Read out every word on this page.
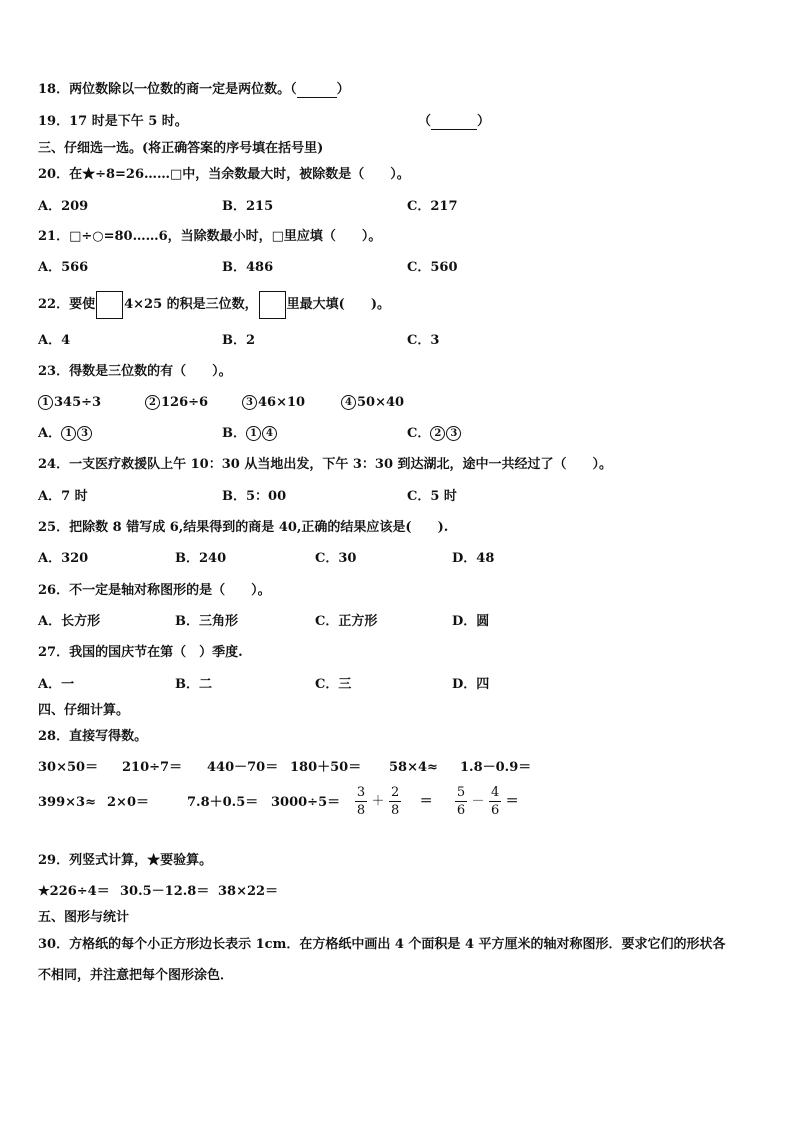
18．两位数除以一位数的商一定是两位数。（	）
19．17 时是下午 5 时。	（	）
三、仔细选一选。(将正确答案的序号填在括号里)
20．在★÷8=26……□中，当余数最大时，被除数是（　　）。
A．209	B．215	C．217
21．□÷○=80……6，当除数最小时，□里应填（　　）。
A．566	B．486	C．560
22．要使 4×25 的积是三位数， 里最大填(　　)。
A．4	B．2	C．3
23．得数是三位数的有（　　）。
1 345÷3	2 126÷6	3 46×10	4 50×40
A． 1 3	B． 1 4	C． 2 3
24．一支医疗救援队上午 10：30 从当地出发，下午 3：30 到达湖北，途中一共经过了（　　）。
A．7 时	B．5：00	C．5 时
25．把除数 8 错写成 6,结果得到的商是 40,正确的结果应该是(　　).
A．320	B．240	C．30	D．48
26．不一定是轴对称图形的是（　　）。
A．长方形	B．三角形	C．正方形	D．圆
27．我国的国庆节在第（　）季度.
A．一	B．二	C．三	D．四
四、仔细计算。
28．直接写得数。
30×50＝ 210÷7＝ 440－70＝ 180＋50＝ 58×4≈ 1.8－0.9＝
399×3≈ 2×0＝	$7.8+0.5= 3000\div 5= \frac{3}{8} + \frac{2}{8} = \frac{5}{6} - \frac{4}{6}$ ＝
29．列竖式计算，★要验算。
★226÷4＝ 30.5－12.8＝ 38×22＝
五、图形与统计
30．方格纸的每个小正方形边长表示 1cm．在方格纸中画出 4 个面积是 4 平方厘米的轴对称图形．要求它们的形状各
不相同，并注意把每个图形涂色．
